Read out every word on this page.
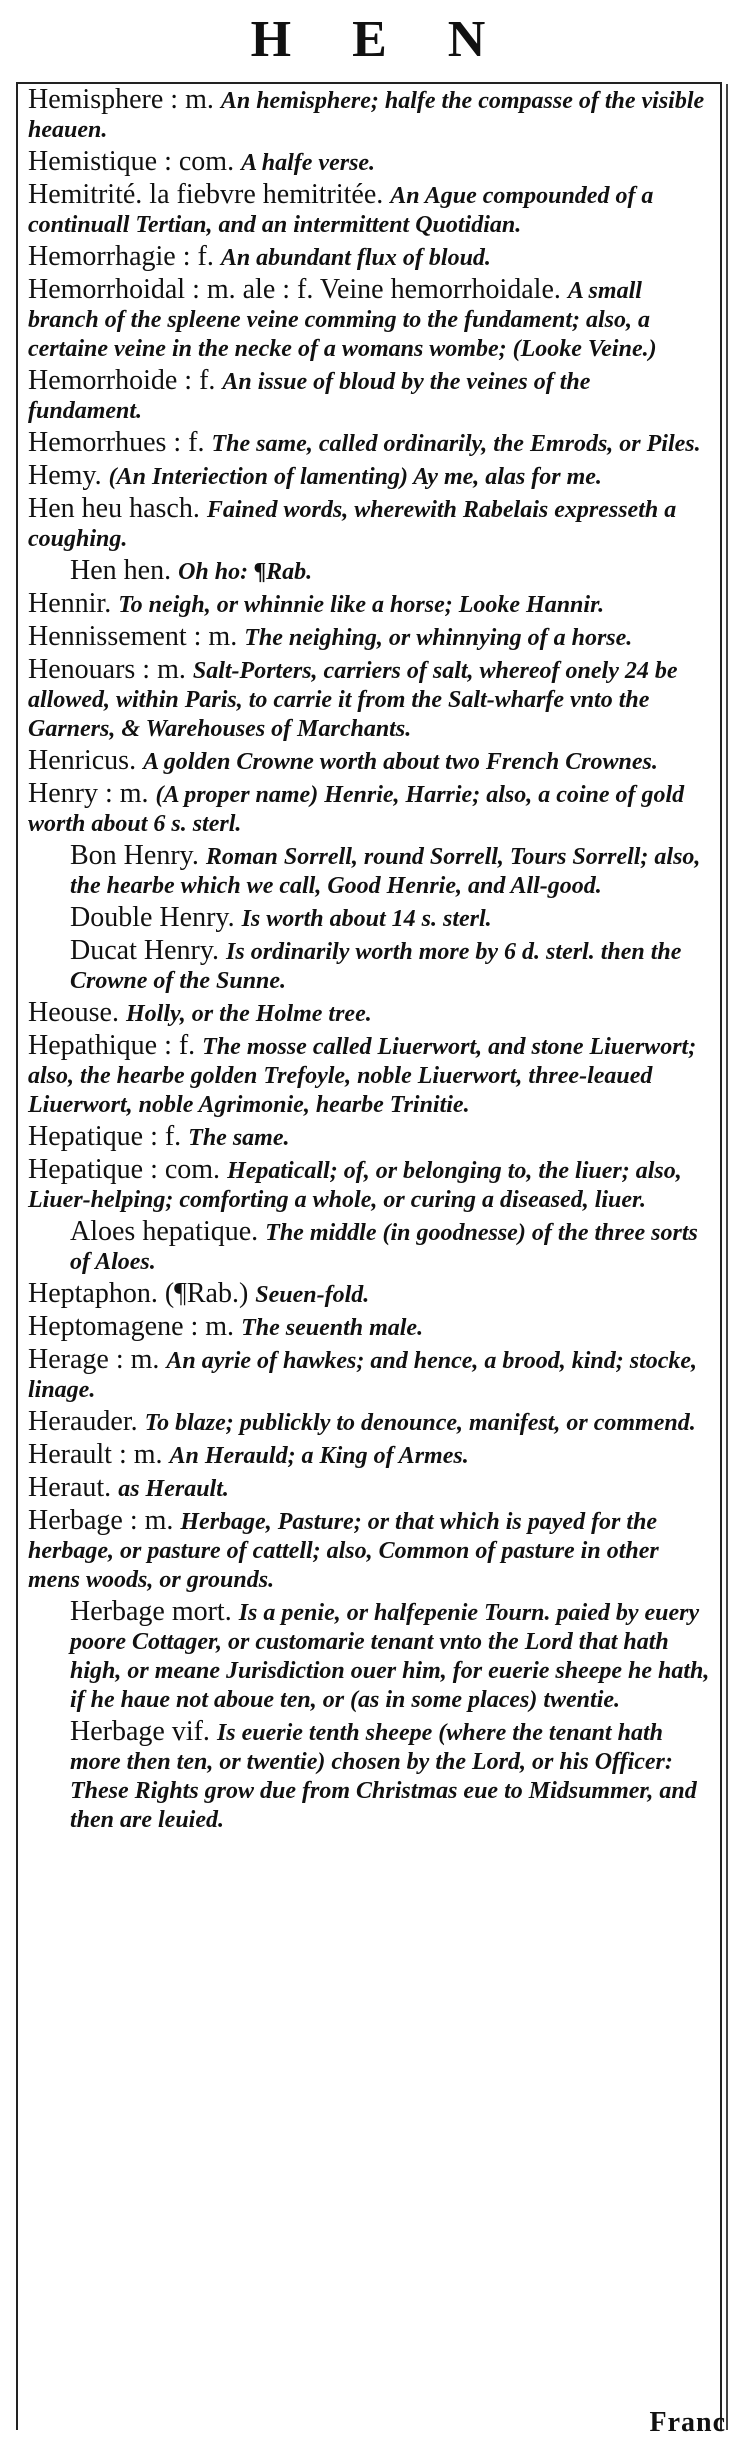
H E N

Hemisphere : m. An hemisphere; halfe the compasse of the visible heauen.

Hemistique : com. A halfe verse.

Hemitrité. la fiebvre hemitritée. An Ague compounded of a continuall Tertian, and an intermittent Quotidian.

Hemorrhagie : f. An abundant flux of bloud.

Hemorrhoidal : m. ale : f. Veine hemorrhoidale. A small branch of the spleene veine comming to the fundament; also, a certaine veine in the necke of a womans wombe; (Looke Veine.)

Hemorrhoide : f. An issue of bloud by the veines of the fundament.

Hemorrhues : f. The same, called ordinarily, the Emrods, or Piles.

Hemy. (An Interiection of lamenting) Ay me, alas for me.

Hen heu hasch. Fained words, wherewith Rabelais expresseth a coughing.

Hen hen. Oh ho: ¶Rab.

Hennir. To neigh, or whinnie like a horse; Looke Hannir.

Hennissement : m. The neighing, or whinnying of a horse.

Henouars : m. Salt-Porters, carriers of salt, whereof onely 24 be allowed, within Paris, to carrie it from the Salt-wharfe vnto the Garners, & Warehouses of Marchants.

Henricus. A golden Crowne worth about two French Crownes.

Henry : m. (A proper name) Henrie, Harrie; also, a coine of gold worth about 6 s. sterl.

Bon Henry. Roman Sorrell, round Sorrell, Tours Sorrell; also, the hearbe which we call, Good Henrie, and All-good.

Double Henry. Is worth about 14 s. sterl.

Ducat Henry. Is ordinarily worth more by 6 d. sterl. then the Crowne of the Sunne.

Heouse. Holly, or the Holme tree.

Hepathique : f. The mosse called Liuerwort, and stone Liuerwort; also, the hearbe golden Trefoyle, noble Liuerwort, three-leaued Liuerwort, noble Agrimonie, hearbe Trinitie.

Hepatique : f. The same.

Hepatique : com. Hepaticall; of, or belonging to, the liuer; also, Liuer-helping; comforting a whole, or curing a diseased, liuer.

Aloes hepatique. The middle (in goodnesse) of the three sorts of Aloes.

Heptaphon. (¶Rab.) Seuen-fold.

Heptomagene : m. The seuenth male.

Herage : m. An ayrie of hawkes; and hence, a brood, kind; stocke, linage.

Herauder. To blaze; publickly to denounce, manifest, or commend.

Herault : m. An Herauld; a King of Armes.

Heraut. as Herault.

Herbage : m. Herbage, Pasture; or that which is payed for the herbage, or pasture of cattell; also, Common of pasture in other mens woods, or grounds.

Herbage mort. Is a penie, or halfepenie Tourn. paied by euery poore Cottager, or customarie tenant vnto the Lord that hath high, or meane Jurisdiction ouer him, for euerie sheepe he hath, if he haue not aboue ten, or (as in some places) twentie.

Herbage vif. Is euerie tenth sheepe (where the tenant hath more then ten, or twentie) chosen by the Lord, or his Officer: These Rights grow due from Christmas eue to Midsummer, and then are leuied.

Franc
